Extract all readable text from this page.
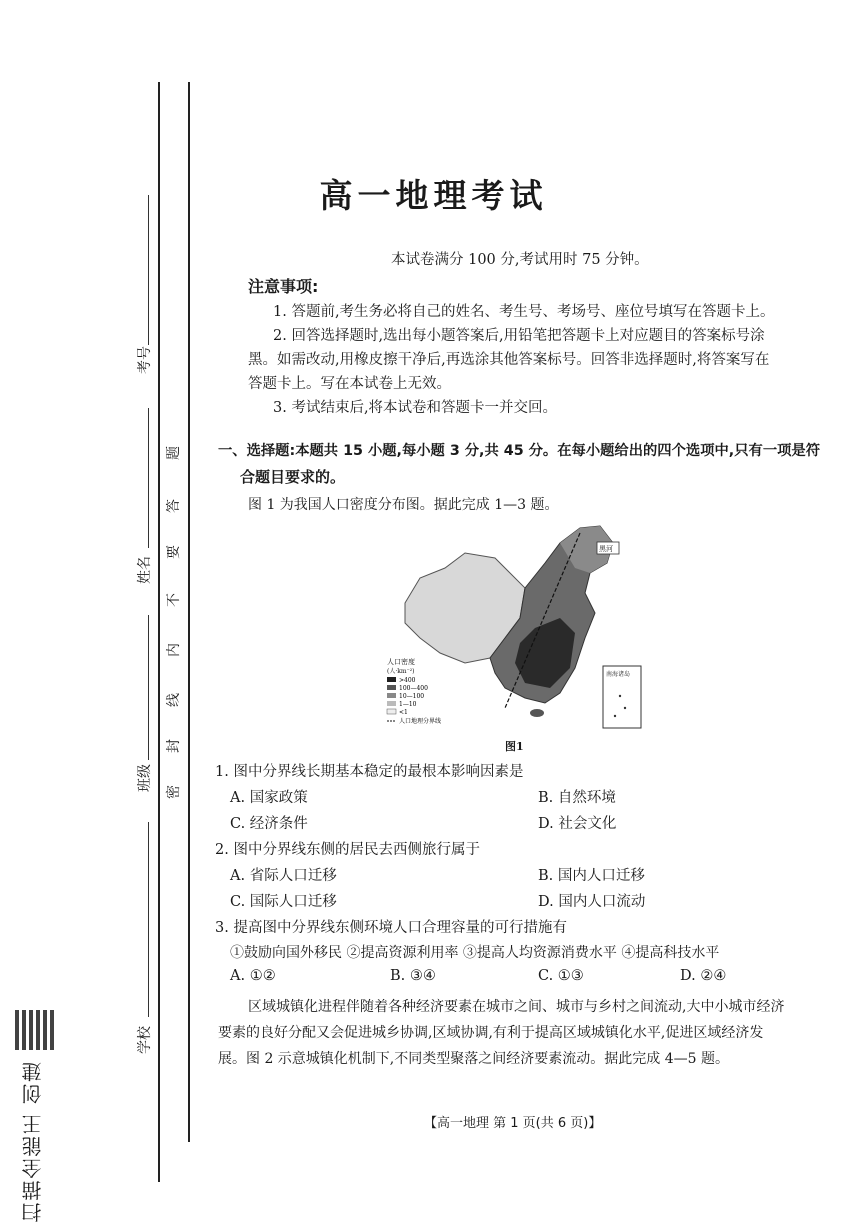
考号
姓名
班级
学校
题
答
要
不
内
线
封
密
扫描全能王 创建
高一地理考试
本试卷满分 100 分,考试用时 75 分钟。
注意事项:
1. 答题前,考生务必将自己的姓名、考生号、考场号、座位号填写在答题卡上。
2. 回答选择题时,选出每小题答案后,用铅笔把答题卡上对应题目的答案标号涂
黑。如需改动,用橡皮擦干净后,再选涂其他答案标号。回答非选择题时,将答案写在
答题卡上。写在本试卷上无效。
3. 考试结束后,将本试卷和答题卡一并交回。
一、选择题:本题共 15 小题,每小题 3 分,共 45 分。在每小题给出的四个选项中,只有一项是符
合题目要求的。
图 1 为我国人口密度分布图。据此完成 1—3 题。
黑河
南海诸岛
人口密度
(人·km⁻²)
>400
100—400
10—100
1—10
<1
人口地理分界线
图1
1. 图中分界线长期基本稳定的最根本影响因素是
A. 国家政策	B. 自然环境
C. 经济条件	D. 社会文化
2. 图中分界线东侧的居民去西侧旅行属于
A. 省际人口迁移	B. 国内人口迁移
C. 国际人口迁移	D. 国内人口流动
3. 提高图中分界线东侧环境人口合理容量的可行措施有
①鼓励向国外移民 ②提高资源利用率 ③提高人均资源消费水平 ④提高科技水平
A. ①②	B. ③④	C. ①③	D. ②④
区域城镇化进程伴随着各种经济要素在城市之间、城市与乡村之间流动,大中小城市经济
要素的良好分配又会促进城乡协调,区域协调,有利于提高区域城镇化水平,促进区域经济发
展。图 2 示意城镇化机制下,不同类型聚落之间经济要素流动。据此完成 4—5 题。
【高一地理 第 1 页(共 6 页)】
